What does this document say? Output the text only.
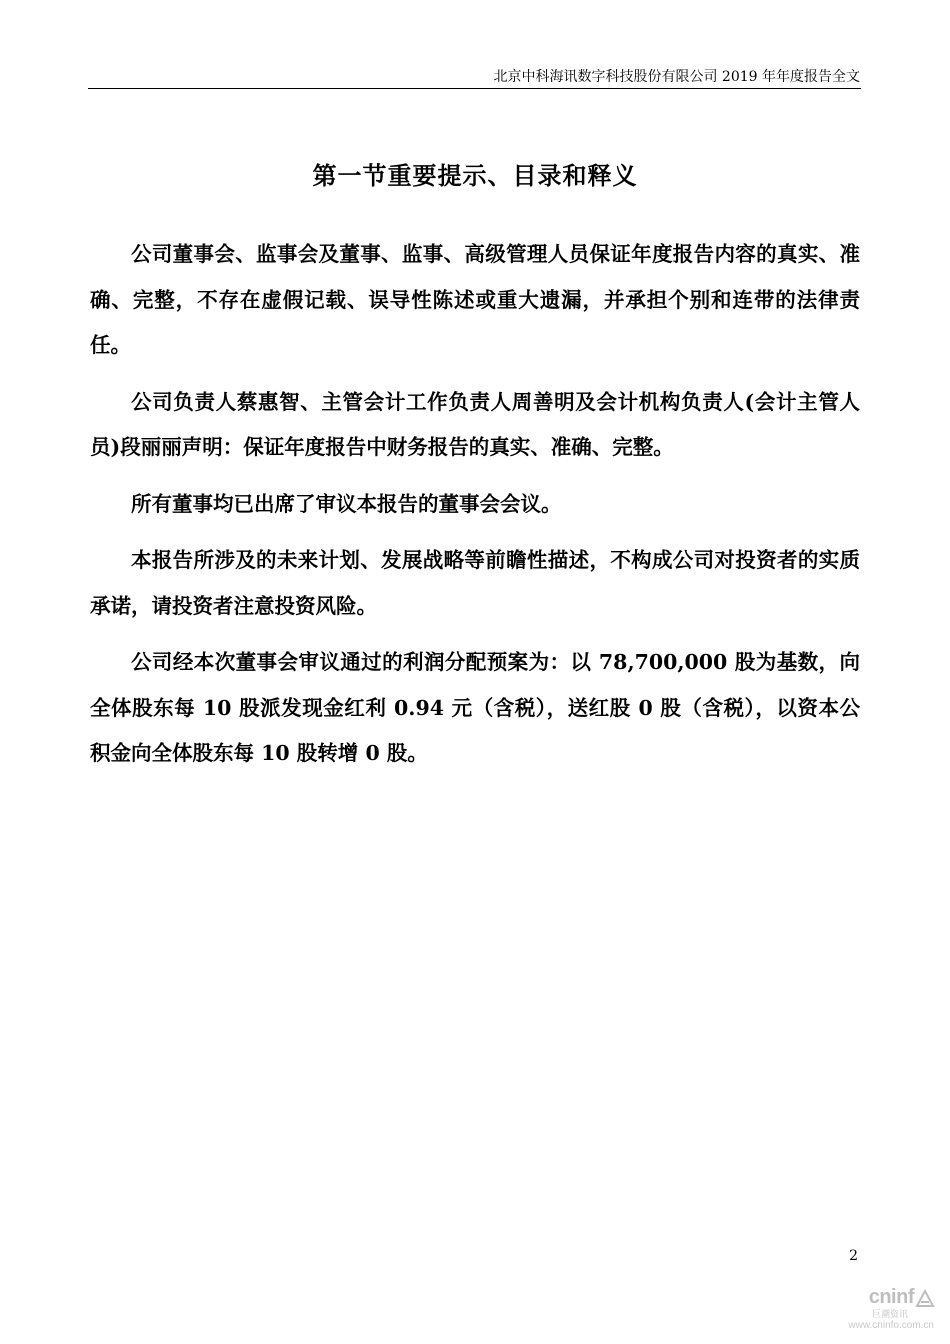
北京中科海讯数字科技股份有限公司 2019 年年度报告全文
第一节重要提示、目录和释义

公司董事会、监事会及董事、监事、高级管理人员保证年度报告内容的真实、准确、完整，不存在虚假记载、误导性陈述或重大遗漏，并承担个别和连带的法律责任。

公司负责人蔡惠智、主管会计工作负责人周善明及会计机构负责人(会计主管人员)段丽丽声明：保证年度报告中财务报告的真实、准确、完整。

所有董事均已出席了审议本报告的董事会会议。

本报告所涉及的未来计划、发展战略等前瞻性描述，不构成公司对投资者的实质承诺，请投资者注意投资风险。

公司经本次董事会审议通过的利润分配预案为：以 78,700,000 股为基数，向全体股东每 10 股派发现金红利 0.94 元（含税），送红股 0 股（含税），以资本公积金向全体股东每 10 股转增 0 股。

2
cninf
巨潮资讯
www.cninfo.com.cn
